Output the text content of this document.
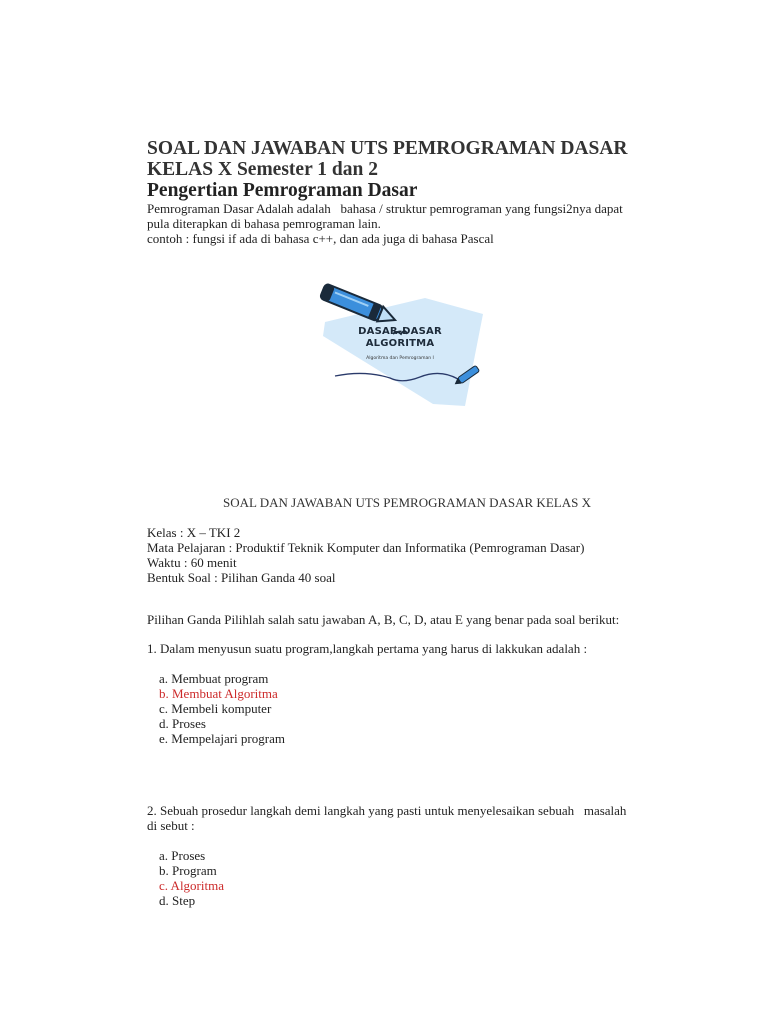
SOAL DAN JAWABAN UTS PEMROGRAMAN DASAR

KELAS X Semester 1 dan 2

Pengertian Pemrograman Dasar

Pemrograman Dasar Adalah adalah   bahasa / struktur pemrograman yang fungsi2nya dapat

pula diterapkan di bahasa pemrograman lain.

contoh : fungsi if ada di bahasa c++, dan ada juga di bahasa Pascal

DASAR-DASAR
ALGORITMA
Algoritma dan Pemrograman I

SOAL DAN JAWABAN UTS PEMROGRAMAN DASAR KELAS X

Kelas : X – TKI 2

Mata Pelajaran : Produktif Teknik Komputer dan Informatika (Pemrograman Dasar)

Waktu : 60 menit

Bentuk Soal : Pilihan Ganda 40 soal

Pilihan Ganda Pilihlah salah satu jawaban A, B, C, D, atau E yang benar pada soal berikut:

1. Dalam menyusun suatu program,langkah pertama yang harus di lakkukan adalah :

a. Membuat program

b. Membuat Algoritma

c. Membeli komputer

d. Proses

e. Mempelajari program

2. Sebuah prosedur langkah demi langkah yang pasti untuk menyelesaikan sebuah   masalah

di sebut :

a. Proses

b. Program

c. Algoritma

d. Step
